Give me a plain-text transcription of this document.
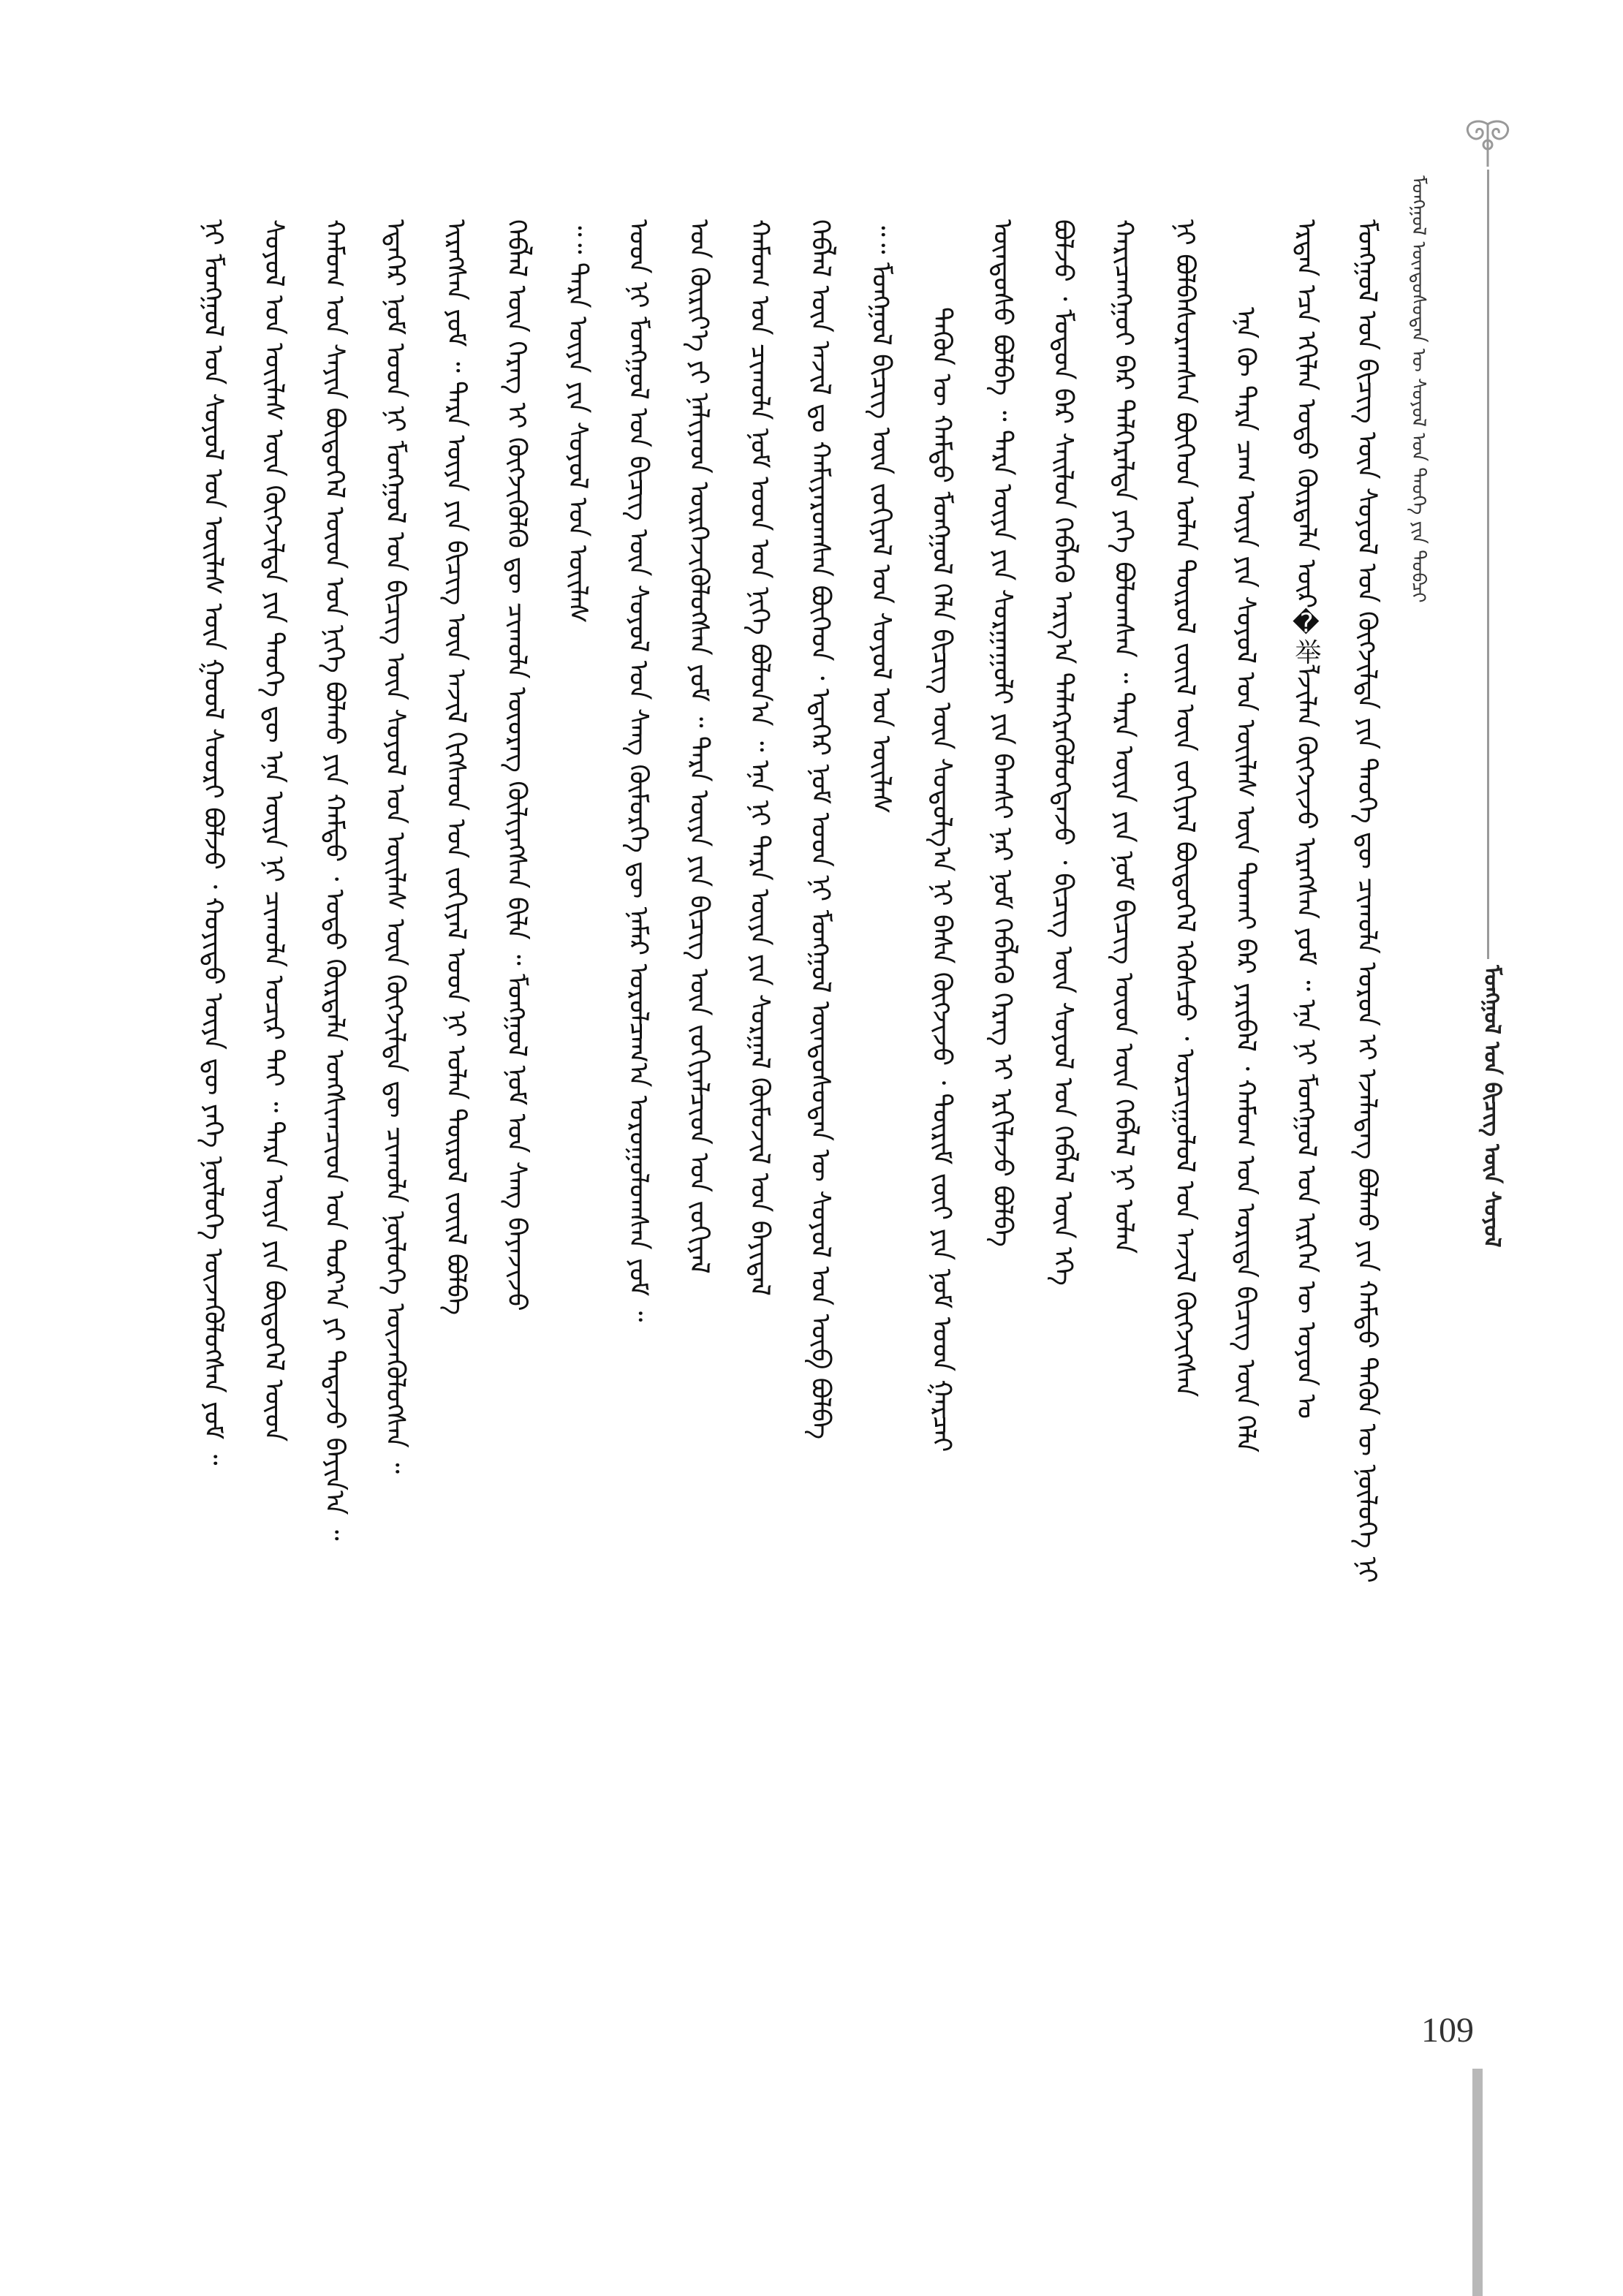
ᠮᠣᠩᠭᠣᠯ ᠤᠨ ᠪᠢᠴᠢᠭ ᠦᠨ ᠰᠣᠶᠣᠯ
ᠮᠣᠩᠭᠣᠯ ᠦᠨᠳᠦᠰᠦᠲᠡᠨ ᠦ ᠰᠣᠶᠣᠯ ᠤᠨ ᠲᠡᠦᠬᠡ ᠶᠢᠨ ᠲᠣᠪᠴᠢ
ᠮᠣᠩᠭᠣᠯ ᠤᠨ ᠪᠢᠴᠢᠭ ᠦᠨ ᠰᠣᠶᠣᠯ ᠤᠨ ᠬᠥᠭᠵᠢᠯᠲᠡ ᠶᠢᠨ ᠲᠡᠦᠬᠡ ᠳᠦ ᠴᠢᠬᠤᠯᠠ ᠣᠷᠣᠨ ᠢ ᠡᠵᠡᠯᠡᠳᠡᠭ ᠪᠣᠯᠬᠤ ᠶᠢᠨ ᠬᠠᠮᠲᠤ ᠲᠡᠭᠦᠨ ᠦ ᠨᠥᠯᠥᠭᠡ ᠨᠢ
ᠡᠷᠲᠡᠨ ᠡᠴᠡ ᠡᠬᠢᠯᠡᠨ ᠣᠳᠣ ᠬᠦᠷᠲᠡᠯᠡ ᠦᠷ�举ᠯᠵᠢᠯᠡᠨ ᠬᠥᠭᠵᠢᠵᠦ ᠢᠷᠡᠭᠰᠡᠨ ᠶᠤᠮ ᠃ ᠡᠨᠡ ᠨᠢ ᠮᠣᠩᠭᠣᠯ ᠤᠨ ᠢᠷᠭᠡᠨ ᠦ ᠣᠶᠤᠨ ᠤ
ᠡᠨᠡ ᠬᠦ ᠲᠡᠷᠡ ᠴᠠᠭ ᠦᠶᠡ ᠶᠢᠨ ᠰᠣᠶᠣᠯ ᠤᠨ ᠦᠢᠯᠡᠰ ᠦᠨ ᠲᠣᠬᠠᠢ ᠪᠠᠷ ᠶᠠᠷᠢᠪᠠᠯ ᠂ ᠬᠠᠮᠤᠭ ᠤᠨ ᠤᠷᠢᠳᠠ ᠪᠢᠴᠢᠭ ᠦᠨ ᠬᠡᠯᠡ
ᠨᠢ ᠪᠣᠯᠪᠠᠰᠤᠷᠠᠭᠰᠠᠨ ᠪᠥᠭᠡᠳ ᠣᠯᠠᠨ ᠲᠥᠷᠦᠯ ᠵᠦᠢᠯ ᠦᠨ ᠵᠣᠬᠢᠶᠠᠯ ᠪᠦᠲᠦᠭᠡᠯ ᠡᠭᠦᠰᠴᠦ ᠂ ᠣᠷᠴᠢᠭᠤᠯᠤᠯ ᠤᠨ ᠠᠵᠢᠯ ᠬᠥᠭᠵᠢᠭᠰᠡᠨ
ᠬᠠᠷᠢᠴᠠᠩᠭᠤᠢ ᠪᠡᠷ ᠲᠡᠯᠭᠡᠷᠡᠯᠲᠡ ᠶᠡᠬᠡ ᠪᠣᠯᠤᠭᠰᠠᠨ ᠃ ᠲᠡᠷᠡ ᠦᠶᠡ ᠶᠢᠨ ᠨᠣᠮ ᠪᠢᠴᠢᠭ ᠦᠳ ᠦᠨ ᠬᠡᠪᠯᠡᠯ ᠨᠢ ᠣᠯᠠᠨ
ᠪᠣᠯᠵᠤ ᠂ ᠮᠣᠳᠣᠨ ᠪᠡᠷ ᠰᠡᠢᠯᠦᠨ ᠬᠡᠪᠯᠡᠬᠦ ᠠᠷᠭ᠎ᠠ ᠲᠡᠯᠡᠭᠷᠡᠭᠦᠯᠦᠭᠳᠡᠵᠦ ᠂ ᠪᠢᠴᠢᠭ ᠦᠨ ᠰᠣᠶᠣᠯ ᠤᠨ ᠬᠡᠪᠯᠡᠯ ᠦᠨ ᠡᠬᠡ
ᠦᠨᠳᠦᠰᠦ ᠪᠣᠯᠪᠠ ᠃ ᠲᠡᠷᠡ ᠦᠶᠡ ᠶᠢᠨ ᠰᠤᠷᠭᠠᠭᠤᠯᠢ ᠶᠢᠨ ᠪᠠᠭᠰᠢ ᠨᠠᠷ ᠨᠣᠮ ᠬᠡᠪᠯᠡᠬᠦ ᠬᠡᠷᠡᠭ ᠢ ᠡᠷᠬᠢᠯᠡᠵᠦ ᠪᠣᠯᠪᠠ
ᠲᠡᠭᠦᠨ ᠦ ᠬᠠᠮᠲᠤ ᠮᠣᠩᠭᠣᠯ ᠬᠡᠯᠡ ᠪᠢᠴᠢᠭ ᠦᠨ ᠰᠤᠳᠤᠯᠭ᠎ᠠ ᠨᠢ ᠪᠠᠰᠠ ᠬᠥᠭᠵᠢᠵᠦ ᠂ ᠳᠦᠷᠢᠮ ᠵᠦᠢ ᠶᠢᠨ ᠨᠣᠮ ᠤᠳ ᠭᠠᠷᠴᠠᠢ
᠃᠃ ᠮᠣᠩᠭᠣᠯ ᠪᠢᠴᠢᠭ ᠦᠨ ᠵᠣᠬᠢᠶᠠᠯ ᠤᠨ ᠰᠣᠶᠣᠯ ᠤᠨ ᠦᠢᠯᠡᠰ
ᠬᠡᠪᠯᠡᠯ ᠦᠨ ᠠᠵᠢᠯ ᠳᠤ ᠬᠠᠮᠢᠶᠠᠷᠤᠭᠰᠠᠨ ᠪᠥᠭᠡᠳ ᠂ ᠡᠳᠡᠭᠡᠷ ᠨᠣᠮ ᠤᠳ ᠨᠢ ᠮᠣᠩᠭᠣᠯ ᠦᠨᠳᠦᠰᠦᠲᠡᠨ ᠦ ᠰᠣᠶᠣᠯ ᠤᠨ ᠥᠪ ᠪᠣᠯᠪᠠ
ᠬᠠᠮᠤᠭ ᠤᠨ ᠴᠢᠬᠤᠯᠠ ᠨᠣᠮ ᠤᠳ ᠤᠨ ᠨᠢᠭᠡ ᠪᠣᠯᠤᠨ᠎ᠠ ᠃ ᠡᠨᠡ ᠨᠢ ᠲᠡᠷᠡ ᠦᠶᠡ ᠶᠢᠨ ᠰᠤᠷᠭᠠᠯ ᠬᠦᠮᠦᠵᠢᠯ ᠤᠨ ᠪᠠᠶᠢᠳᠠᠯ
ᠤᠨ ᠬᠦᠷᠢᠶ᠎ᠡ ᠶᠢ ᠨᠡᠯᠢᠶᠡᠳ ᠥᠷᠭᠡᠵᠢᠭᠦᠯᠦᠭᠰᠡᠨ ᠶᠤᠮ ᠃ ᠲᠡᠷᠡ ᠦᠶᠡ ᠶᠢᠨ ᠪᠢᠴᠢᠭ ᠦᠨ ᠵᠣᠬᠢᠶᠠᠯᠴᠢᠳ ᠤᠨ ᠵᠣᠬᠢᠶᠠᠯ
ᠤᠳ ᠨᠢ ᠮᠣᠩᠭᠣᠯ ᠤᠨ ᠪᠢᠴᠢᠭ ᠦᠨ ᠰᠣᠶᠣᠯ ᠤᠨ ᠰᠠᠩ ᠬᠥᠮᠦᠷᠭᠡ ᠳᠦ ᠨᠡᠮᠡᠷ ᠣᠷᠣᠯᠴᠠᠭ᠎ᠠ ᠣᠷᠣᠭᠤᠯᠤᠭᠰᠠᠨ ᠶᠤᠮ ᠃
᠃᠃ ᠲᠡᠷᠡ ᠦᠶᠡ ᠶᠢᠨ ᠰᠣᠶᠣᠯ ᠤᠨ ᠦᠢᠯᠡᠰ
ᠬᠡᠪᠯᠡᠯ ᠦᠨ ᠬᠡᠷᠡᠭ ᠢ ᠬᠥᠭᠵᠢᠭᠦᠯᠬᠦ ᠳᠦ ᠴᠢᠬᠤᠯᠠ ᠦᠦᠷᠡᠭ ᠬᠦᠯᠢᠶᠡᠭᠰᠡᠨ ᠪᠢᠯᠡ ᠃ ᠮᠣᠩᠭᠣᠯ ᠨᠣᠮ ᠤᠨ ᠰᠠᠩ ᠪᠠᠶᠠᠵᠢᠵᠤ
ᠢᠷᠡᠭᠰᠡᠨ ᠶᠤᠮ ᠃ ᠲᠡᠷᠡ ᠦᠶᠡ ᠶᠢᠨ ᠪᠢᠴᠢᠭ ᠦᠨ ᠠᠵᠢᠯ ᠬᠢᠭᠰᠡᠳ ᠤᠨ ᠵᠣᠬᠢᠶᠠᠯ ᠤᠳ ᠨᠢ ᠣᠯᠠᠨ ᠲᠥᠷᠦᠯ ᠵᠦᠢᠯ ᠪᠣᠯᠪᠠ
ᠡᠳᠡᠭᠡᠷ ᠨᠣᠮ ᠤᠳ ᠨᠢ ᠮᠣᠩᠭᠣᠯ ᠤᠨ ᠪᠢᠴᠢᠭ ᠦᠨ ᠰᠣᠶᠣᠯ ᠤᠨ ᠦᠢᠯᠡᠰ ᠦᠨ ᠬᠥᠭᠵᠢᠯᠲᠡ ᠳᠦ ᠴᠢᠬᠤᠯᠠ ᠨᠥᠯᠥᠭᠡ ᠦᠵᠡᠭᠦᠯᠦᠭᠰᠡᠨ ᠃
ᠬᠠᠮᠤᠭ ᠤᠨ ᠰᠠᠶᠢᠨ ᠪᠦᠲᠦᠭᠡᠯ ᠦᠳ ᠤᠨ ᠨᠢᠭᠡ ᠪᠣᠯᠬᠤ ᠶᠢᠨ ᠬᠠᠮᠲᠤ ᠂ ᠣᠳᠣ ᠬᠦᠷᠲᠡᠯᠡ ᠤᠩᠰᠢᠭᠴᠢᠳ ᠤᠨ ᠳᠤᠷ᠎ᠠ ᠶᠢ ᠲᠠᠲᠠᠵᠤ ᠪᠠᠶᠢᠨ᠎ᠠ ᠃
ᠰᠣᠶᠣᠯ ᠤᠨ ᠦᠢᠯᠡᠰ ᠦᠨ ᠬᠥᠭᠵᠢᠯᠲᠡ ᠶᠢᠨ ᠲᠡᠦᠬᠡ ᠳᠦ ᠡᠨᠡ ᠦᠶᠡ ᠨᠢ ᠴᠢᠬᠤᠯᠠ ᠤᠴᠢᠷ ᠲᠠᠢ ᠃ ᠲᠡᠷᠡ ᠦᠶᠡ ᠶᠢᠨ ᠪᠦᠲᠦᠭᠡᠯ ᠦᠳ
ᠨᠢ ᠮᠣᠩᠭᠣᠯ ᠤᠨ ᠰᠣᠶᠣᠯ ᠤᠨ ᠦᠢᠯᠡᠰ ᠦᠨ ᠭᠣᠣᠯ ᠰᠤᠤᠷᠢ ᠪᠣᠯᠵᠤ ᠂ ᠬᠣᠶᠢᠲᠤ ᠦᠶᠡ ᠳᠦ ᠶᠡᠬᠡ ᠨᠥᠯᠥᠭᠡ ᠦᠵᠡᠭᠦᠯᠦᠭᠰᠡᠨ ᠶᠤᠮ ᠃
109
